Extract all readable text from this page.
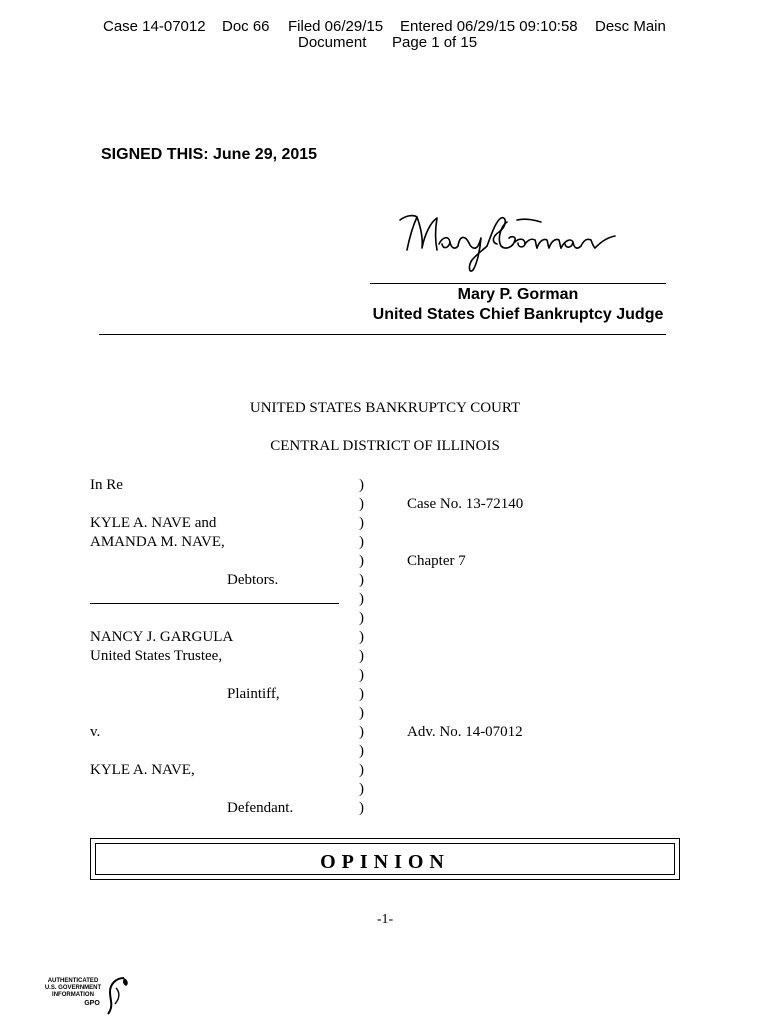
Case 14-07012 Doc 66 Filed 06/29/15 Entered 06/29/15 09:10:58 Desc Main
Document Page 1 of 15
SIGNED THIS: June 29, 2015
Mary P. Gorman
United States Chief Bankruptcy Judge
UNITED STATES BANKRUPTCY COURT
CENTRAL DISTRICT OF ILLINOIS
In Re
KYLE A. NAVE and
AMANDA M. NAVE,
Debtors.
NANCY J. GARGULA
United States Trustee,
Plaintiff,
v.
KYLE A. NAVE,
Defendant.
)
)
)
)
)
)
)
)
)
)
)
)
)
)
)
)
)
)
Case No. 13-72140
Chapter 7
Adv. No. 14-07012
OPINION
-1-
AUTHENTICATED
U.S. GOVERNMENT
INFORMATION
GPO
